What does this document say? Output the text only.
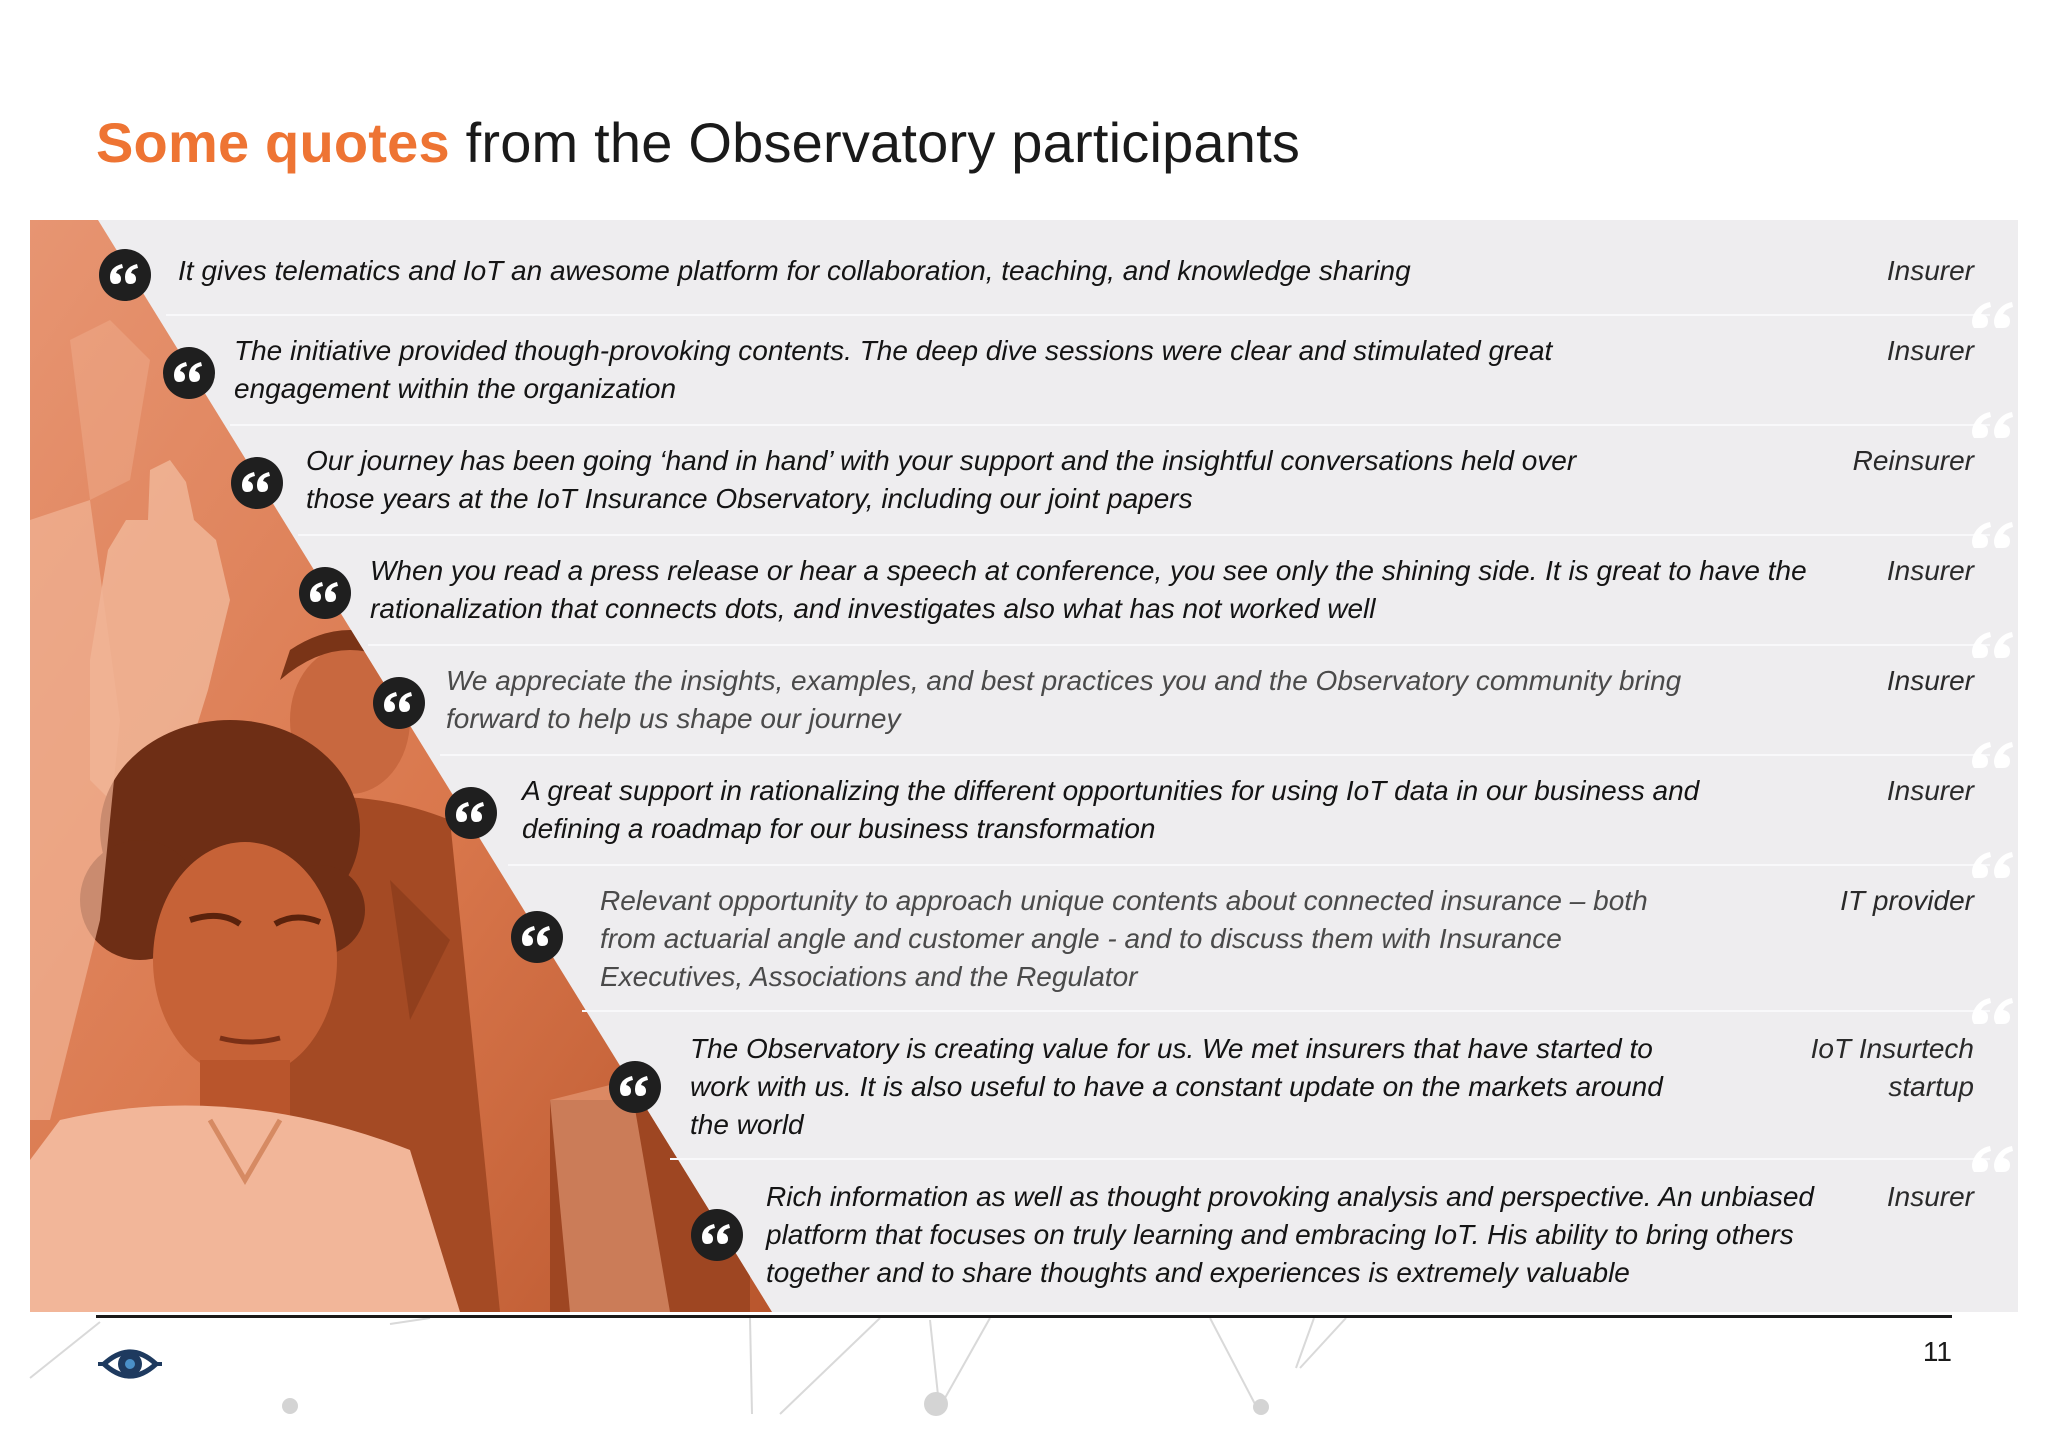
Some quotes from the Observatory participants

It gives telematics and IoT an awesome platform for collaboration, teaching, and knowledge sharing	Insurer

The initiative provided though-provoking contents. The deep dive sessions were clear and stimulated great engagement within the organization

Insurer

Our journey has been going ‘hand in hand’ with your support and the insightful conversations held over those years at the IoT Insurance Observatory, including our joint papers

Reinsurer

When you read a press release or hear a speech at conference, you see only the shining side. It is great to have the rationalization that connects dots, and investigates also what has not worked well

Insurer

We appreciate the insights, examples, and best practices you and the Observatory community bring forward to help us shape our journey

Insurer

A great support in rationalizing the different opportunities for using IoT data in our business and defining a roadmap for our business transformation

Insurer

Relevant opportunity to approach unique contents about connected insurance – both from actuarial angle and customer angle - and to discuss them with Insurance Executives, Associations and the Regulator

IT provider

The Observatory is creating value for us. We met insurers that have started to work with us. It is also useful to have a constant update on the markets around the world

IoT Insurtech startup

Rich information as well as thought provoking analysis and perspective. An unbiased platform that focuses on truly learning and embracing IoT. His ability to bring others together and to share thoughts and experiences is extremely valuable

Insurer

11
